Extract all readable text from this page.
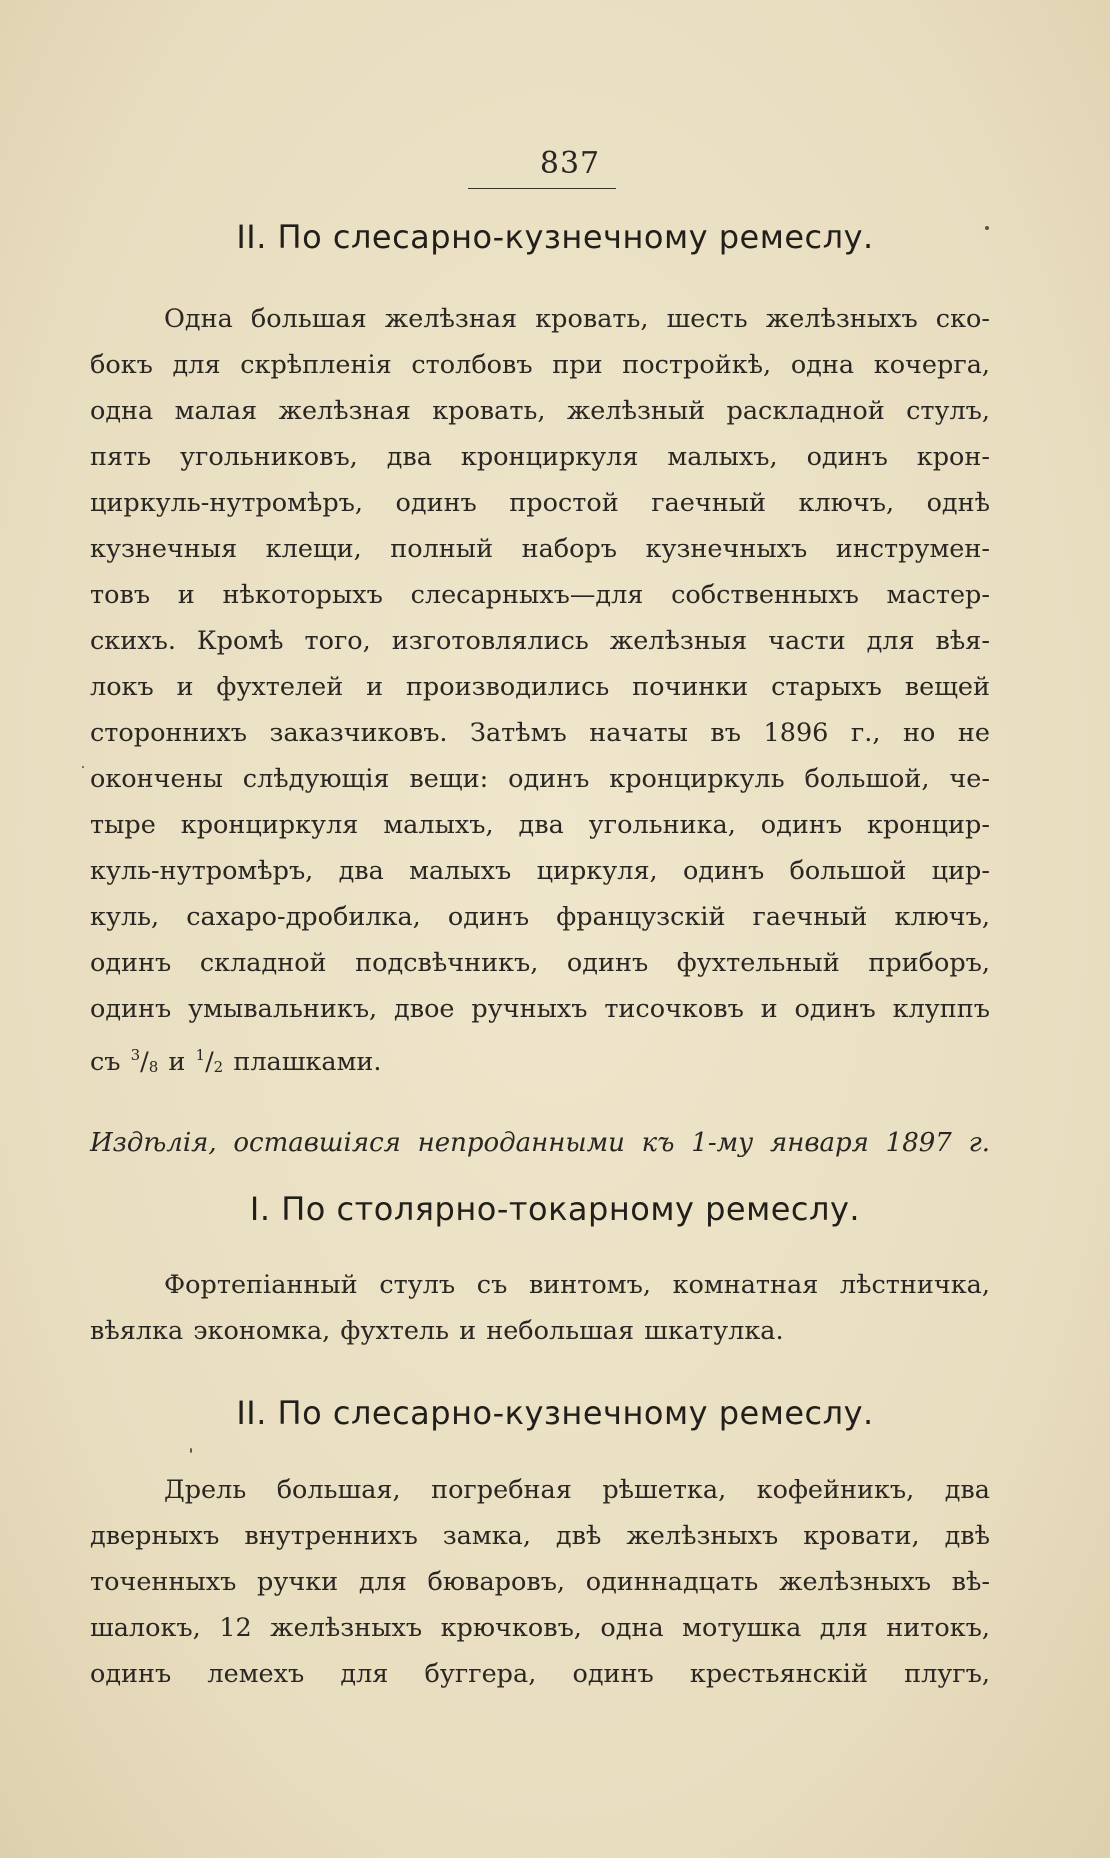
837
II. По слесарно-кузнечному ремеслу.
Одна большая желѣзная кровать, шесть желѣзныхъ ско-
бокъ для скрѣпленія столбовъ при постройкѣ, одна кочерга,
одна малая желѣзная кровать, желѣзный раскладной стулъ,
пять угольниковъ, два кронциркуля малыхъ, одинъ крон-
циркуль-нутромѣръ, одинъ простой гаечный ключъ, однѣ
кузнечныя клещи, полный наборъ кузнечныхъ инструмен-
товъ и нѣкоторыхъ слесарныхъ—для собственныхъ мастер-
скихъ. Кромѣ того, изготовлялись желѣзныя части для вѣя-
локъ и фухтелей и производились починки старыхъ вещей
стороннихъ заказчиковъ. Затѣмъ начаты въ 1896 г., но не
окончены слѣдующія вещи: одинъ кронциркуль большой, че-
тыре кронциркуля малыхъ, два угольника, одинъ кронцир-
куль-нутромѣръ, два малыхъ циркуля, одинъ большой цир-
куль, сахаро-дробилка, одинъ французскій гаечный ключъ,
одинъ складной подсвѣчникъ, одинъ фухтельный приборъ,
одинъ умывальникъ, двое ручныхъ тисочковъ и одинъ клуппъ
съ $^3/_8$ и $^1/_2$ плашками.
Издѣлія, оставшіяся непроданными къ 1-му января 1897 г.
I. По столярно-токарному ремеслу.
Фортепіанный стулъ съ винтомъ, комнатная лѣстничка,
вѣялка экономка, фухтель и небольшая шкатулка.
II. По слесарно-кузнечному ремеслу.
Дрель большая, погребная рѣшетка, кофейникъ, два
дверныхъ внутреннихъ замка, двѣ желѣзныхъ кровати, двѣ
точенныхъ ручки для бюваровъ, одиннадцать желѣзныхъ вѣ-
шалокъ, 12 желѣзныхъ крючковъ, одна мотушка для нитокъ,
одинъ лемехъ для буггера, одинъ крестьянскій плугъ,
